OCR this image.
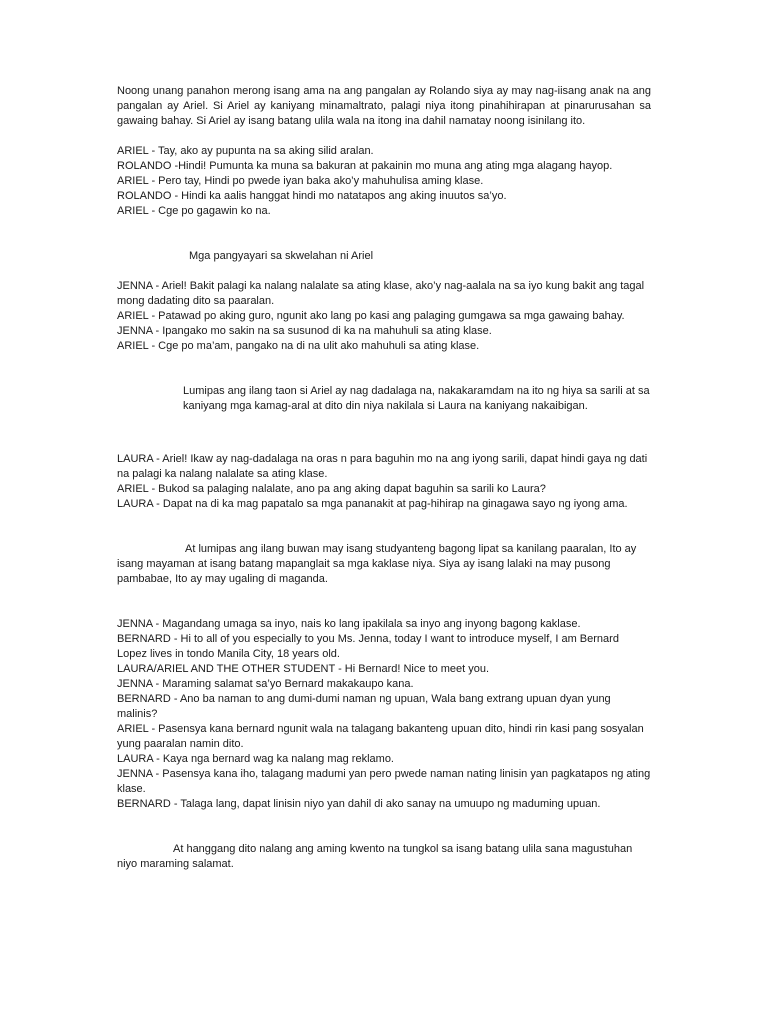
Noong unang panahon merong isang ama na ang pangalan ay Rolando siya ay may nag-iisang anak na ang pangalan ay Ariel. Si Ariel ay kaniyang minamaltrato, palagi niya itong pinahihirapan at pinarurusahan sa gawaing bahay. Si Ariel ay isang batang ulila wala na itong ina dahil namatay noong isinilang ito.

ARIEL - Tay, ako ay pupunta na sa aking silid aralan.

ROLANDO -Hindi! Pumunta ka muna sa bakuran at pakainin mo muna ang ating mga alagang hayop.

ARIEL - Pero tay, Hindi po pwede iyan baka ako’y mahuhulisa aming klase.

ROLANDO - Hindi ka aalis hanggat hindi mo natatapos ang aking inuutos sa’yo.

ARIEL - Cge po gagawin ko na.

Mga pangyayari sa skwelahan ni Ariel

JENNA - Ariel! Bakit palagi ka nalang nalalate sa ating klase, ako’y nag-aalala na sa iyo kung bakit ang tagal mong dadating dito sa paaralan.

ARIEL - Patawad po aking guro, ngunit ako lang po kasi ang palaging gumgawa sa mga gawaing bahay.

JENNA - Ipangako mo sakin na sa susunod di ka na mahuhuli sa ating klase.

ARIEL - Cge po ma’am, pangako na di na ulit ako mahuhuli sa ating klase.

Lumipas ang ilang taon si Ariel ay nag dadalaga na, nakakaramdam na ito ng hiya sa sarili at sa kaniyang mga kamag-aral at dito din niya nakilala si Laura na kaniyang nakaibigan.

LAURA - Ariel! Ikaw ay nag-dadalaga na oras n para baguhin mo na ang iyong sarili, dapat hindi gaya ng dati na palagi ka nalang nalalate sa ating klase.

ARIEL - Bukod sa palaging nalalate, ano pa ang aking dapat baguhin sa sarili ko Laura?

LAURA - Dapat na di ka mag papatalo sa mga pananakit at pag-hihirap na ginagawa sayo ng iyong ama.

At lumipas ang ilang buwan may isang studyanteng bagong lipat sa kanilang paaralan, Ito ay isang mayaman at isang batang mapanglait sa mga kaklase niya. Siya ay isang lalaki na may pusong pambabae, Ito ay may ugaling di maganda.

JENNA - Magandang umaga sa inyo, nais ko lang ipakilala sa inyo ang inyong bagong kaklase.

BERNARD - Hi to all of you especially to you Ms. Jenna, today I want to introduce myself, I am Bernard Lopez lives in tondo Manila City, 18 years old.

LAURA/ARIEL AND THE OTHER STUDENT - Hi Bernard! Nice to meet you.

JENNA - Maraming salamat sa’yo Bernard makakaupo kana.

BERNARD - Ano ba naman to ang dumi-dumi naman ng upuan, Wala bang extrang upuan dyan yung malinis?

ARIEL - Pasensya kana bernard ngunit wala na talagang bakanteng upuan dito, hindi rin kasi pang sosyalan yung paaralan namin dito.

LAURA - Kaya nga bernard wag ka nalang mag reklamo.

JENNA - Pasensya kana iho, talagang madumi yan pero pwede naman nating linisin yan pagkatapos ng ating klase.

BERNARD - Talaga lang, dapat linisin niyo yan dahil di ako sanay na umuupo ng maduming upuan.

At hanggang dito nalang ang aming kwento na tungkol sa isang batang ulila sana magustuhan niyo maraming salamat.
